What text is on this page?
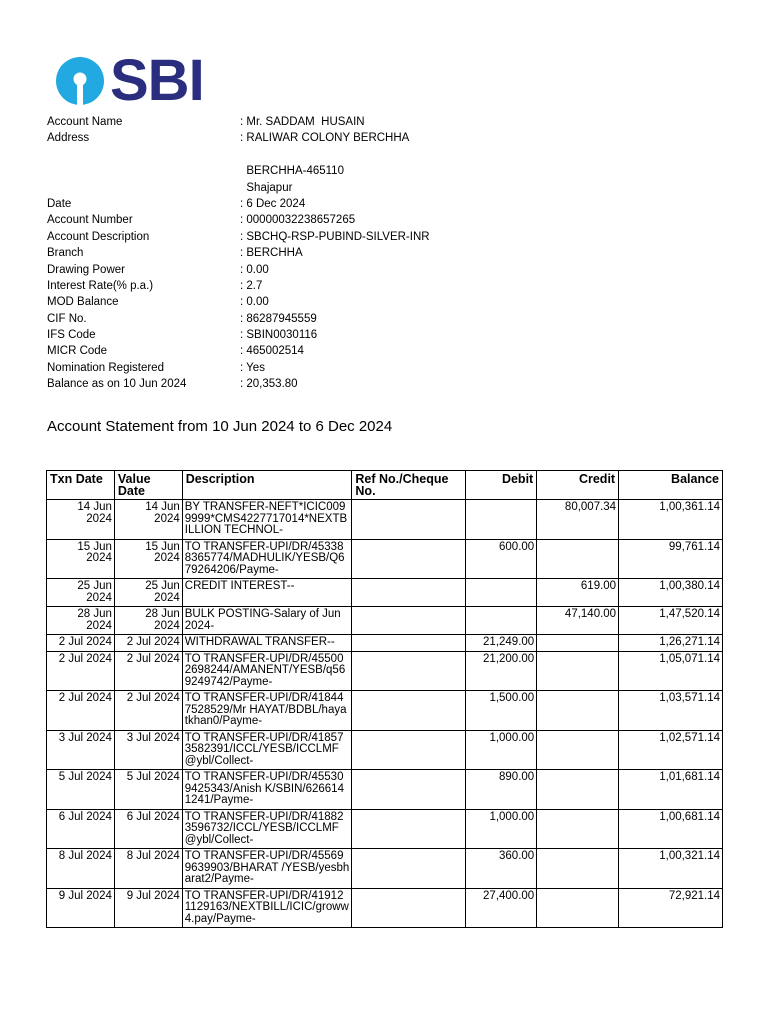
SBI
Account Name	: Mr. SADDAM  HUSAIN
Address	: RALIWAR COLONY BERCHHA
BERCHHA-465110
Shajapur
Date	: 6 Dec 2024
Account Number	: 00000032238657265
Account Description	: SBCHQ-RSP-PUBIND-SILVER-INR
Branch	: BERCHHA
Drawing Power	: 0.00
Interest Rate(% p.a.)	: 2.7
MOD Balance	: 0.00
CIF No.	: 86287945559
IFS Code	: SBIN0030116
MICR Code	: 465002514
Nomination Registered	: Yes
Balance as on 10 Jun 2024	: 20,353.80
Account Statement from 10 Jun 2024 to 6 Dec 2024
Txn Date	Value Date	Description	Ref No./Cheque No.	Debit	Credit	Balance
14 Jun 2024	14 Jun 2024	BY TRANSFER-NEFT*ICIC0099999*CMS4227717014*NEXTBILLION TECHNOL-			80,007.34	1,00,361.14
15 Jun 2024	15 Jun 2024	TO TRANSFER-UPI/DR/453388365774/MADHULIK/YESB/Q679264206/Payme-		600.00		99,761.14
25 Jun 2024	25 Jun 2024	CREDIT INTEREST--			619.00	1,00,380.14
28 Jun 2024	28 Jun 2024	BULK POSTING-Salary of Jun 2024-			47,140.00	1,47,520.14
2 Jul 2024	2 Jul 2024	WITHDRAWAL TRANSFER--		21,249.00		1,26,271.14
2 Jul 2024	2 Jul 2024	TO TRANSFER-UPI/DR/455002698244/AMANENT/YESB/q569249742/Payme-		21,200.00		1,05,071.14
2 Jul 2024	2 Jul 2024	TO TRANSFER-UPI/DR/418447528529/Mr HAYAT/BDBL/hayatkhan0/Payme-		1,500.00		1,03,571.14
3 Jul 2024	3 Jul 2024	TO TRANSFER-UPI/DR/418573582391/ICCL/YESB/ICCLMF@ybl/Collect-		1,000.00		1,02,571.14
5 Jul 2024	5 Jul 2024	TO TRANSFER-UPI/DR/455309425343/Anish K/SBIN/6266141241/Payme-		890.00		1,01,681.14
6 Jul 2024	6 Jul 2024	TO TRANSFER-UPI/DR/418823596732/ICCL/YESB/ICCLMF@ybl/Collect-		1,000.00		1,00,681.14
8 Jul 2024	8 Jul 2024	TO TRANSFER-UPI/DR/455699639903/BHARAT /YESB/yesbharat2/Payme-		360.00		1,00,321.14
9 Jul 2024	9 Jul 2024	TO TRANSFER-UPI/DR/419121129163/NEXTBILL/ICIC/groww4.pay/Payme-		27,400.00		72,921.14
